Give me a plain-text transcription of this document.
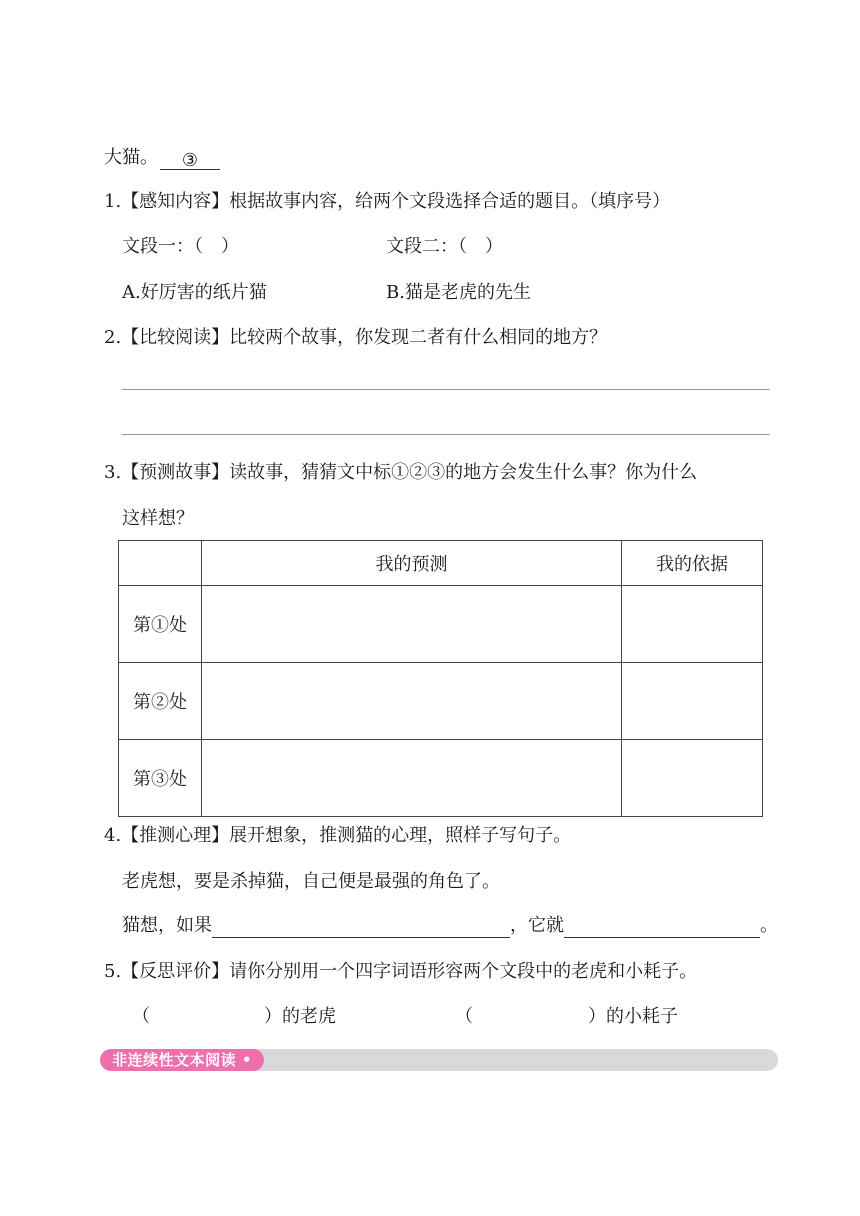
大猫。 ③
1.【感知内容】根据故事内容，给两个文段选择合适的题目。（填序号）
文段一：（　）	文段二：（　）
A.好厉害的纸片猫	B.猫是老虎的先生
2.【比较阅读】比较两个故事，你发现二者有什么相同的地方？
3.【预测故事】读故事，猜猜文中标①②③的地方会发生什么事？你为什么
这样想？
	我的预测	我的依据
第①处		
第②处		
第③处		
4.【推测心理】展开想象，推测猫的心理，照样子写句子。
老虎想，要是杀掉猫，自己便是最强的角色了。
猫想，如果	，它就	。
5.【反思评价】请你分别用一个四字词语形容两个文段中的老虎和小耗子。
（	）的老虎	（	）的小耗子
非连续性文本阅读 •
